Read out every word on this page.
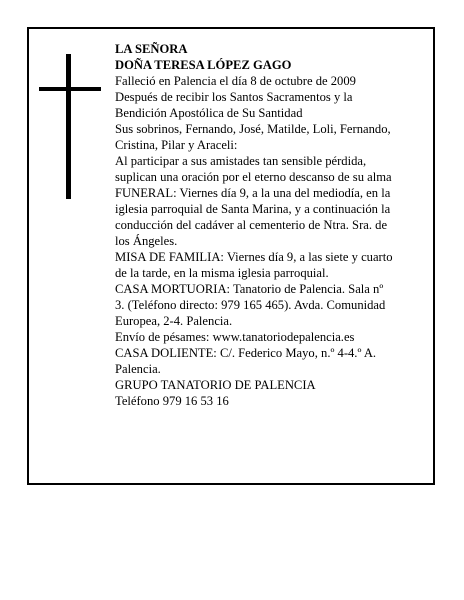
LA SEÑORA
DOÑA TERESA LÓPEZ GAGO
Falleció en Palencia el día 8 de octubre de 2009
Después de recibir los Santos Sacramentos y la
Bendición Apostólica de Su Santidad
Sus sobrinos, Fernando, José, Matilde, Loli, Fernando,
Cristina, Pilar y Araceli:
Al participar a sus amistades tan sensible pérdida,
suplican una oración por el eterno descanso de su alma
FUNERAL: Viernes día 9, a la una del mediodía, en la
iglesia parroquial de Santa Marina, y a continuación la
conducción del cadáver al cementerio de Ntra. Sra. de
los Ángeles.
MISA DE FAMILIA: Viernes día 9, a las siete y cuarto
de la tarde, en la misma iglesia parroquial.
CASA MORTUORIA: Tanatorio de Palencia. Sala nº
3. (Teléfono directo: 979 165 465). Avda. Comunidad
Europea, 2-4. Palencia.
Envío de pésames: www.tanatoriodepalencia.es
CASA DOLIENTE: C/. Federico Mayo, n.º 4-4.º A.
Palencia.
GRUPO TANATORIO DE PALENCIA
Teléfono 979 16 53 16
